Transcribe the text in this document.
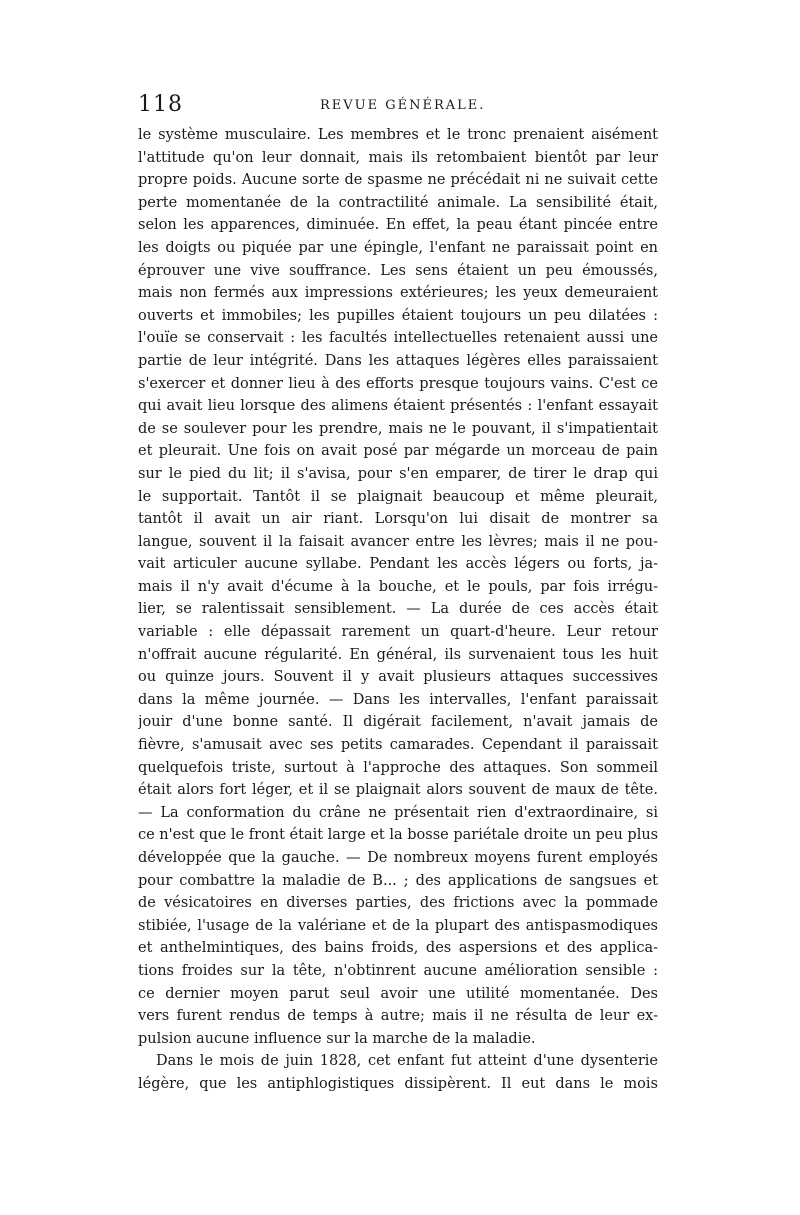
118	REVUE GÉNÉRALE.
le système musculaire. Les membres et le tronc prenaient aisément
l'attitude qu'on leur donnait, mais ils retombaient bientôt par leur
propre poids. Aucune sorte de spasme ne précédait ni ne suivait cette
perte momentanée de la contractilité animale. La sensibilité était,
selon les apparences, diminuée. En effet, la peau étant pincée entre
les doigts ou piquée par une épingle, l'enfant ne paraissait point en
éprouver une vive souffrance. Les sens étaient un peu émoussés,
mais non fermés aux impressions extérieures; les yeux demeuraient
ouverts et immobiles; les pupilles étaient toujours un peu dilatées :
l'ouïe se conservait : les facultés intellectuelles retenaient aussi une
partie de leur intégrité. Dans les attaques légères elles paraissaient
s'exercer et donner lieu à des efforts presque toujours vains. C'est ce
qui avait lieu lorsque des alimens étaient présentés : l'enfant essayait
de se soulever pour les prendre, mais ne le pouvant, il s'impatientait
et pleurait. Une fois on avait posé par mégarde un morceau de pain
sur le pied du lit; il s'avisa, pour s'en emparer, de tirer le drap qui
le supportait. Tantôt il se plaignait beaucoup et même pleurait,
tantôt il avait un air riant. Lorsqu'on lui disait de montrer sa
langue, souvent il la faisait avancer entre les lèvres; mais il ne pou-
vait articuler aucune syllabe. Pendant les accès légers ou forts, ja-
mais il n'y avait d'écume à la bouche, et le pouls, par fois irrégu-
lier, se ralentissait sensiblement. — La durée de ces accès était
variable : elle dépassait rarement un quart-d'heure. Leur retour
n'offrait aucune régularité. En général, ils survenaient tous les huit
ou quinze jours. Souvent il y avait plusieurs attaques successives
dans la même journée. — Dans les intervalles, l'enfant paraissait
jouir d'une bonne santé. Il digérait facilement, n'avait jamais de
fièvre, s'amusait avec ses petits camarades. Cependant il paraissait
quelquefois triste, surtout à l'approche des attaques. Son sommeil
était alors fort léger, et il se plaignait alors souvent de maux de tête.
— La conformation du crâne ne présentait rien d'extraordinaire, si
ce n'est que le front était large et la bosse pariétale droite un peu plus
développée que la gauche. — De nombreux moyens furent employés
pour combattre la maladie de B... ; des applications de sangsues et
de vésicatoires en diverses parties, des frictions avec la pommade
stibiée, l'usage de la valériane et de la plupart des antispasmodiques
et anthelmintiques, des bains froids, des aspersions et des applica-
tions froides sur la tête, n'obtinrent aucune amélioration sensible :
ce dernier moyen parut seul avoir une utilité momentanée. Des
vers furent rendus de temps à autre; mais il ne résulta de leur ex-
pulsion aucune influence sur la marche de la maladie.
Dans le mois de juin 1828, cet enfant fut atteint d'une dysenterie
légère, que les antiphlogistiques dissipèrent. Il eut dans le mois
